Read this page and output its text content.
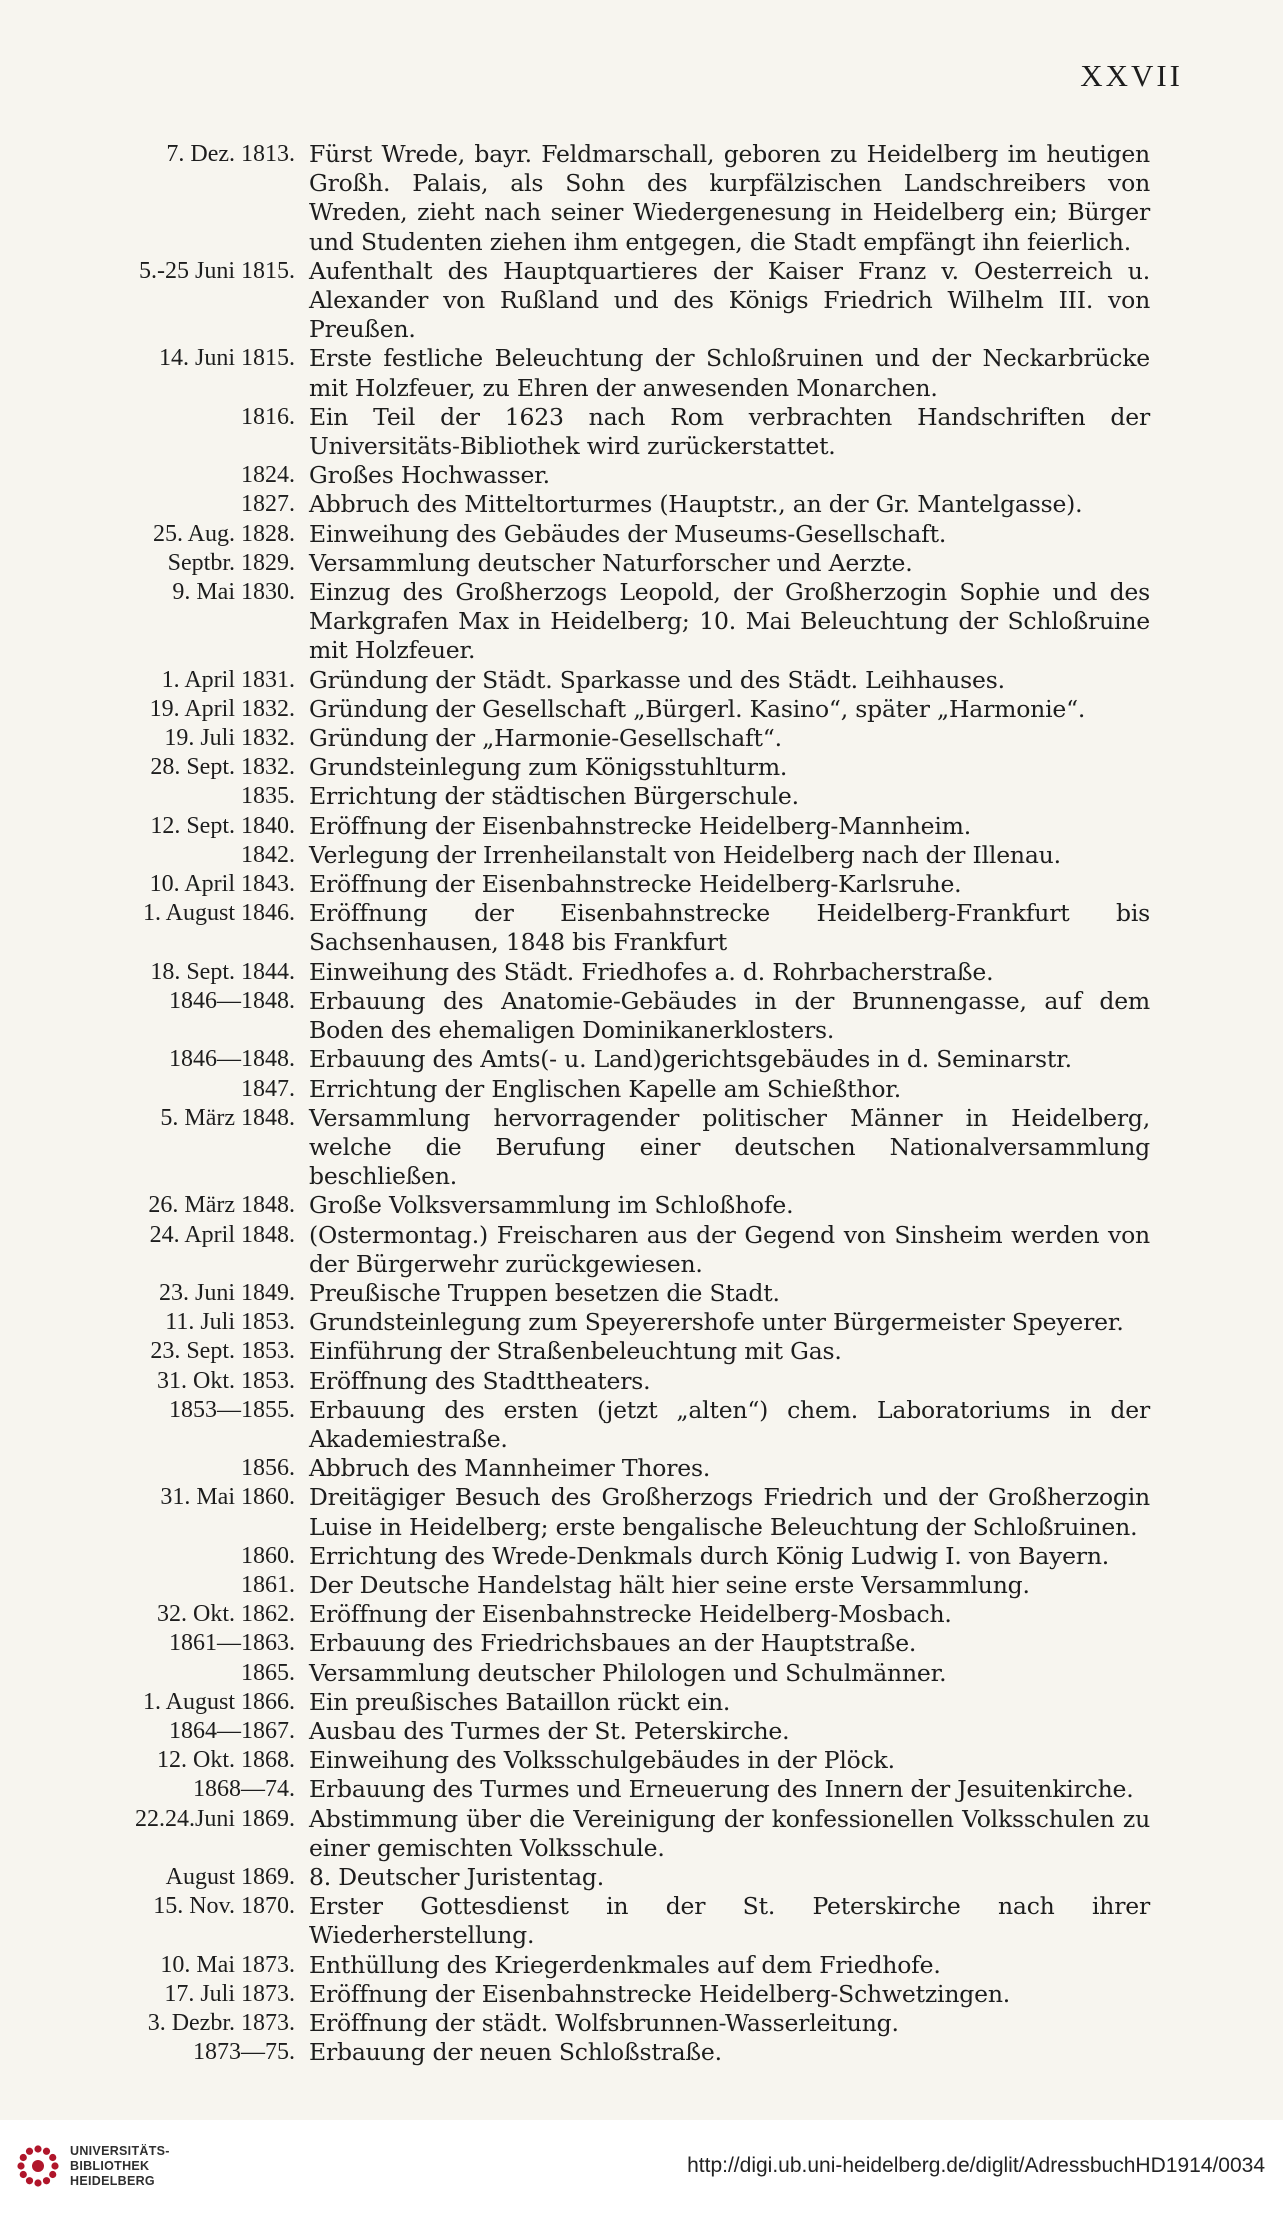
XXVII
7. Dez. 1813. Fürst Wrede, bayr. Feldmarschall, geboren zu Heidelberg im heutigen Großh. Palais, als Sohn des kurpfälzischen Landschreibers von Wreden, zieht nach seiner Wiedergenesung in Heidelberg ein; Bürger und Studenten ziehen ihm entgegen, die Stadt empfängt ihn feierlich.
5.-25 Juni 1815. Aufenthalt des Hauptquartieres der Kaiser Franz v. Oesterreich u. Alexander von Rußland und des Königs Friedrich Wilhelm III. von Preußen.
14. Juni 1815. Erste festliche Beleuchtung der Schloßruinen und der Neckarbrücke mit Holzfeuer, zu Ehren der anwesenden Monarchen.
1816. Ein Teil der 1623 nach Rom verbrachten Handschriften der Universitäts-Bibliothek wird zurückerstattet.
1824. Großes Hochwasser.
1827. Abbruch des Mitteltorturmes (Hauptstr., an der Gr. Mantelgasse).
25. Aug. 1828. Einweihung des Gebäudes der Museums-Gesellschaft.
Septbr. 1829. Versammlung deutscher Naturforscher und Aerzte.
9. Mai 1830. Einzug des Großherzogs Leopold, der Großherzogin Sophie und des Markgrafen Max in Heidelberg; 10. Mai Beleuchtung der Schloßruine mit Holzfeuer.
1. April 1831. Gründung der Städt. Sparkasse und des Städt. Leihhauses.
19. April 1832. Gründung der Gesellschaft „Bürgerl. Kasino“, später „Harmonie“.
19. Juli 1832. Gründung der „Harmonie-Gesellschaft“.
28. Sept. 1832. Grundsteinlegung zum Königsstuhlturm.
1835. Errichtung der städtischen Bürgerschule.
12. Sept. 1840. Eröffnung der Eisenbahnstrecke Heidelberg-Mannheim.
1842. Verlegung der Irrenheilanstalt von Heidelberg nach der Illenau.
10. April 1843. Eröffnung der Eisenbahnstrecke Heidelberg-Karlsruhe.
1. August 1846. Eröffnung der Eisenbahnstrecke Heidelberg-Frankfurt bis Sachsenhausen, 1848 bis Frankfurt
18. Sept. 1844. Einweihung des Städt. Friedhofes a. d. Rohrbacherstraße.
1846—1848. Erbauung des Anatomie-Gebäudes in der Brunnengasse, auf dem Boden des ehemaligen Dominikanerklosters.
1846—1848. Erbauung des Amts(- u. Land)gerichtsgebäudes in d. Seminarstr.
1847. Errichtung der Englischen Kapelle am Schießthor.
5. März 1848. Versammlung hervorragender politischer Männer in Heidelberg, welche die Berufung einer deutschen Nationalversammlung beschließen.
26. März 1848. Große Volksversammlung im Schloßhofe.
24. April 1848. (Ostermontag.) Freischaren aus der Gegend von Sinsheim werden von der Bürgerwehr zurückgewiesen.
23. Juni 1849. Preußische Truppen besetzen die Stadt.
11. Juli 1853. Grundsteinlegung zum Speyerershofe unter Bürgermeister Speyerer.
23. Sept. 1853. Einführung der Straßenbeleuchtung mit Gas.
31. Okt. 1853. Eröffnung des Stadttheaters.
1853—1855. Erbauung des ersten (jetzt „alten“) chem. Laboratoriums in der Akademiestraße.
1856. Abbruch des Mannheimer Thores.
31. Mai 1860. Dreitägiger Besuch des Großherzogs Friedrich und der Großherzogin Luise in Heidelberg; erste bengalische Beleuchtung der Schloßruinen.
1860. Errichtung des Wrede-Denkmals durch König Ludwig I. von Bayern.
1861. Der Deutsche Handelstag hält hier seine erste Versammlung.
32. Okt. 1862. Eröffnung der Eisenbahnstrecke Heidelberg-Mosbach.
1861—1863. Erbauung des Friedrichsbaues an der Hauptstraße.
1865. Versammlung deutscher Philologen und Schulmänner.
1. August 1866. Ein preußisches Bataillon rückt ein.
1864—1867. Ausbau des Turmes der St. Peterskirche.
12. Okt. 1868. Einweihung des Volksschulgebäudes in der Plöck.
1868—74. Erbauung des Turmes und Erneuerung des Innern der Jesuitenkirche.
22.24.Juni 1869. Abstimmung über die Vereinigung der konfessionellen Volksschulen zu einer gemischten Volksschule.
August 1869. 8. Deutscher Juristentag.
15. Nov. 1870. Erster Gottesdienst in der St. Peterskirche nach ihrer Wiederherstellung.
10. Mai 1873. Enthüllung des Kriegerdenkmales auf dem Friedhofe.
17. Juli 1873. Eröffnung der Eisenbahnstrecke Heidelberg-Schwetzingen.
3. Dezbr. 1873. Eröffnung der städt. Wolfsbrunnen-Wasserleitung.
1873—75. Erbauung der neuen Schloßstraße.
UNIVERSITÄTS-
BIBLIOTHEK
HEIDELBERG
http://digi.ub.uni-heidelberg.de/diglit/AdressbuchHD1914/0034
